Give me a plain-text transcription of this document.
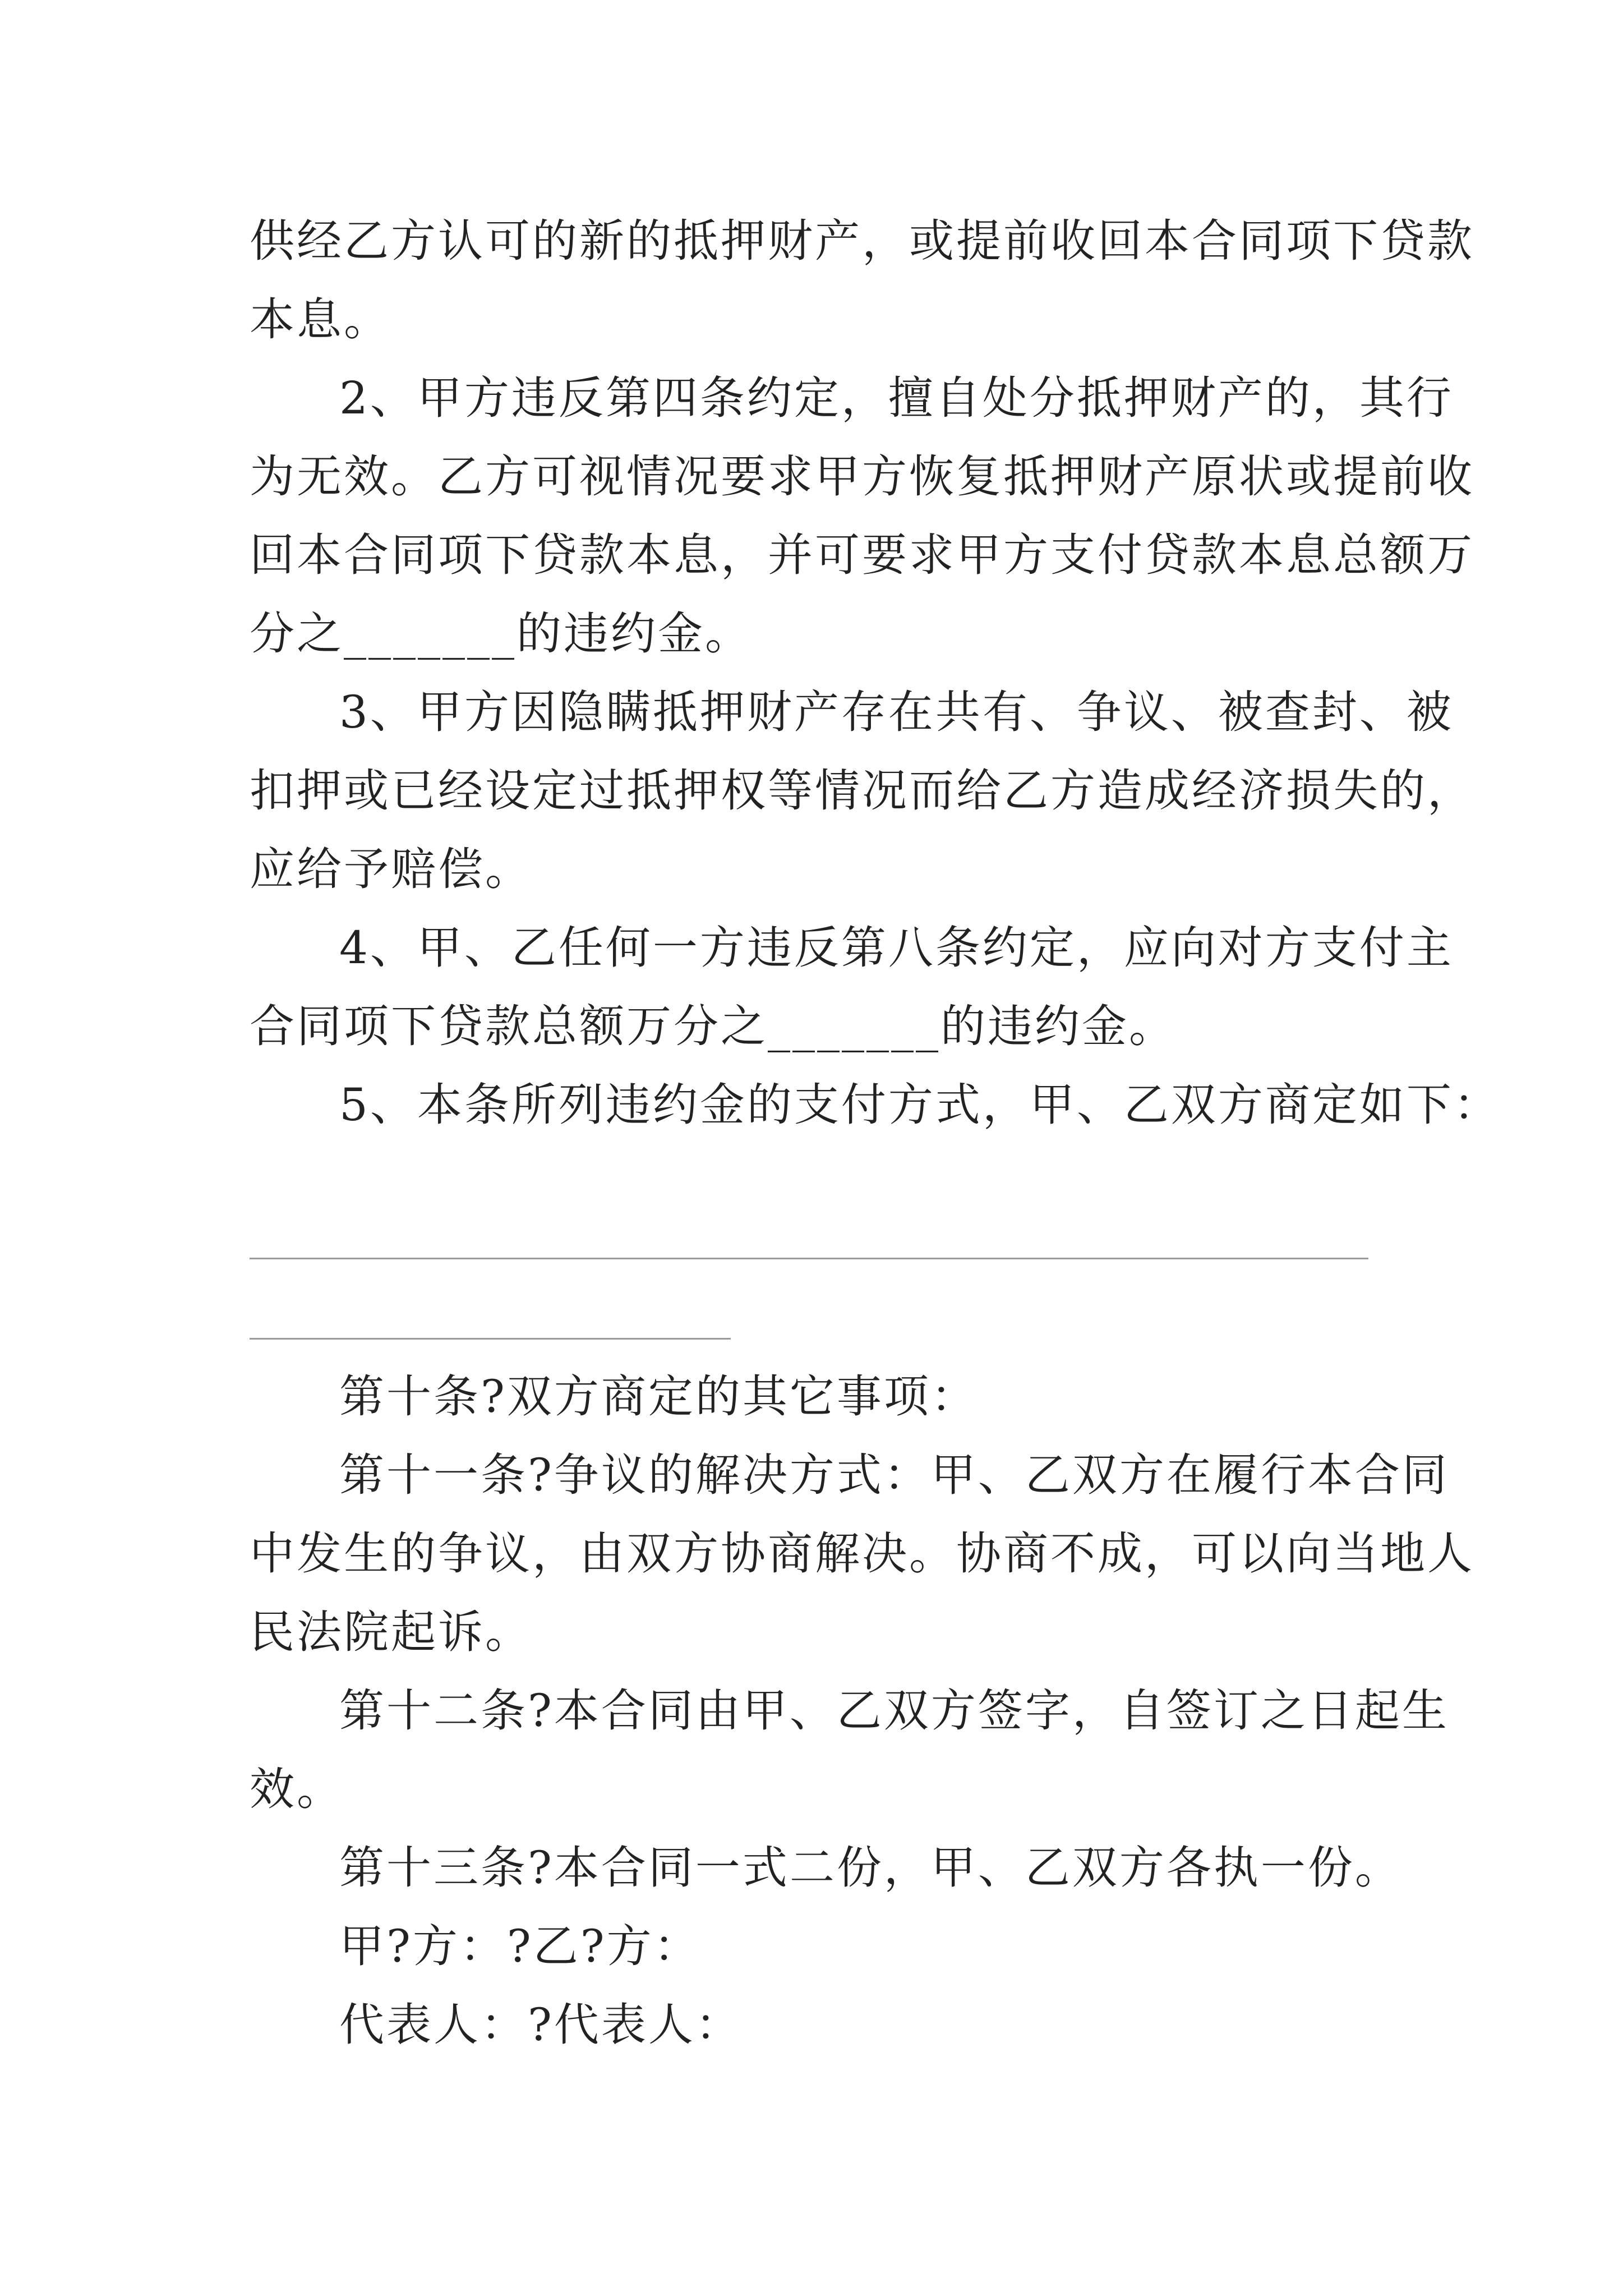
供经乙方认可的新的抵押财产，或提前收回本合同项下贷款
本息。
2、甲方违反第四条约定，擅自处分抵押财产的，其行
为无效。乙方可视情况要求甲方恢复抵押财产原状或提前收
回本合同项下贷款本息，并可要求甲方支付贷款本息总额万
分之_______的违约金。
3、甲方因隐瞒抵押财产存在共有、争议、被查封、被
扣押或已经设定过抵押权等情况而给乙方造成经济损失的，
应给予赔偿。
4、甲、乙任何一方违反第八条约定，应向对方支付主
合同项下贷款总额万分之_______的违约金。
5、本条所列违约金的支付方式，甲、乙双方商定如下：
第十条?双方商定的其它事项：
第十一条?争议的解决方式：甲、乙双方在履行本合同
中发生的争议，由双方协商解决。协商不成，可以向当地人
民法院起诉。
第十二条?本合同由甲、乙双方签字，自签订之日起生
效。
第十三条?本合同一式二份，甲、乙双方各执一份。
甲?方：?乙?方：
代表人：?代表人：
